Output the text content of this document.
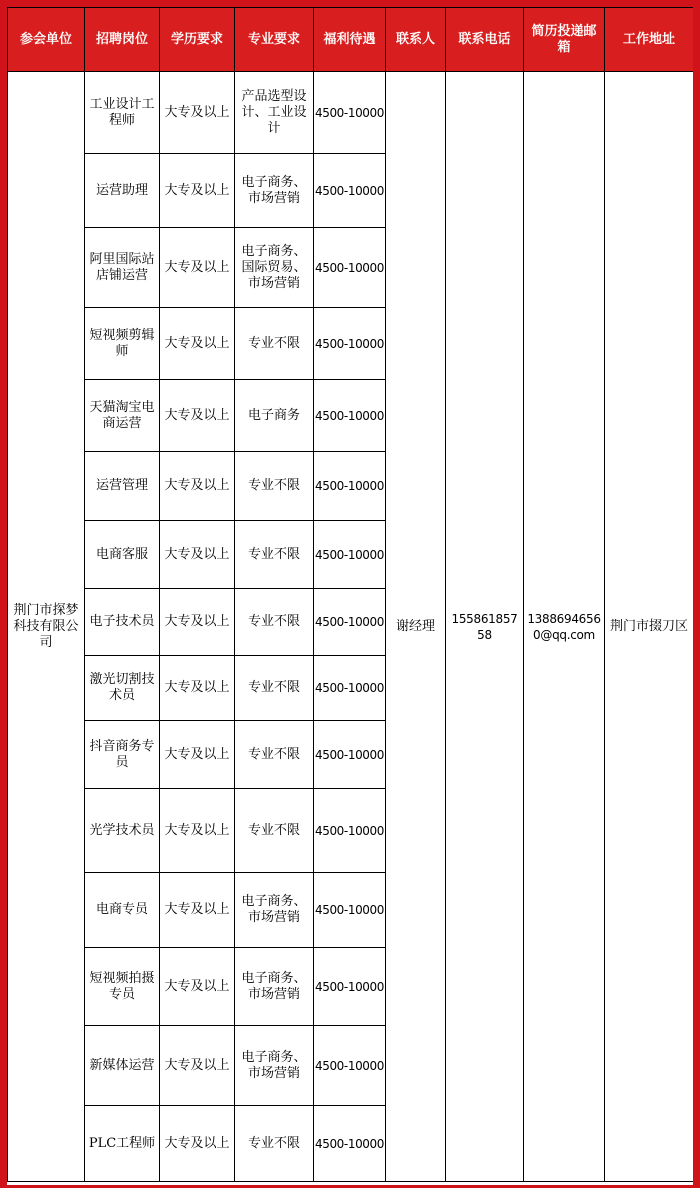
参会单位	招聘岗位	学历要求	专业要求	福利待遇	联系人	联系电话	简历投递邮箱	工作地址
荆门市探梦科技有限公司	工业设计工程师	大专及以上	产品选型设计、工业设计	4500-10000	谢经理	15586185758	13886946560@qq.com	荆门市掇刀区
	运营助理	大专及以上	电子商务、市场营销	4500-10000				
	阿里国际站店铺运营	大专及以上	电子商务、国际贸易、市场营销	4500-10000				
	短视频剪辑师	大专及以上	专业不限	4500-10000				
	天猫淘宝电商运营	大专及以上	电子商务	4500-10000				
	运营管理	大专及以上	专业不限	4500-10000				
	电商客服	大专及以上	专业不限	4500-10000				
	电子技术员	大专及以上	专业不限	4500-10000				
	激光切割技术员	大专及以上	专业不限	4500-10000				
	抖音商务专员	大专及以上	专业不限	4500-10000				
	光学技术员	大专及以上	专业不限	4500-10000				
	电商专员	大专及以上	电子商务、市场营销	4500-10000				
	短视频拍摄专员	大专及以上	电子商务、市场营销	4500-10000				
	新媒体运营	大专及以上	电子商务、市场营销	4500-10000				
	PLC工程师	大专及以上	专业不限	4500-10000				
